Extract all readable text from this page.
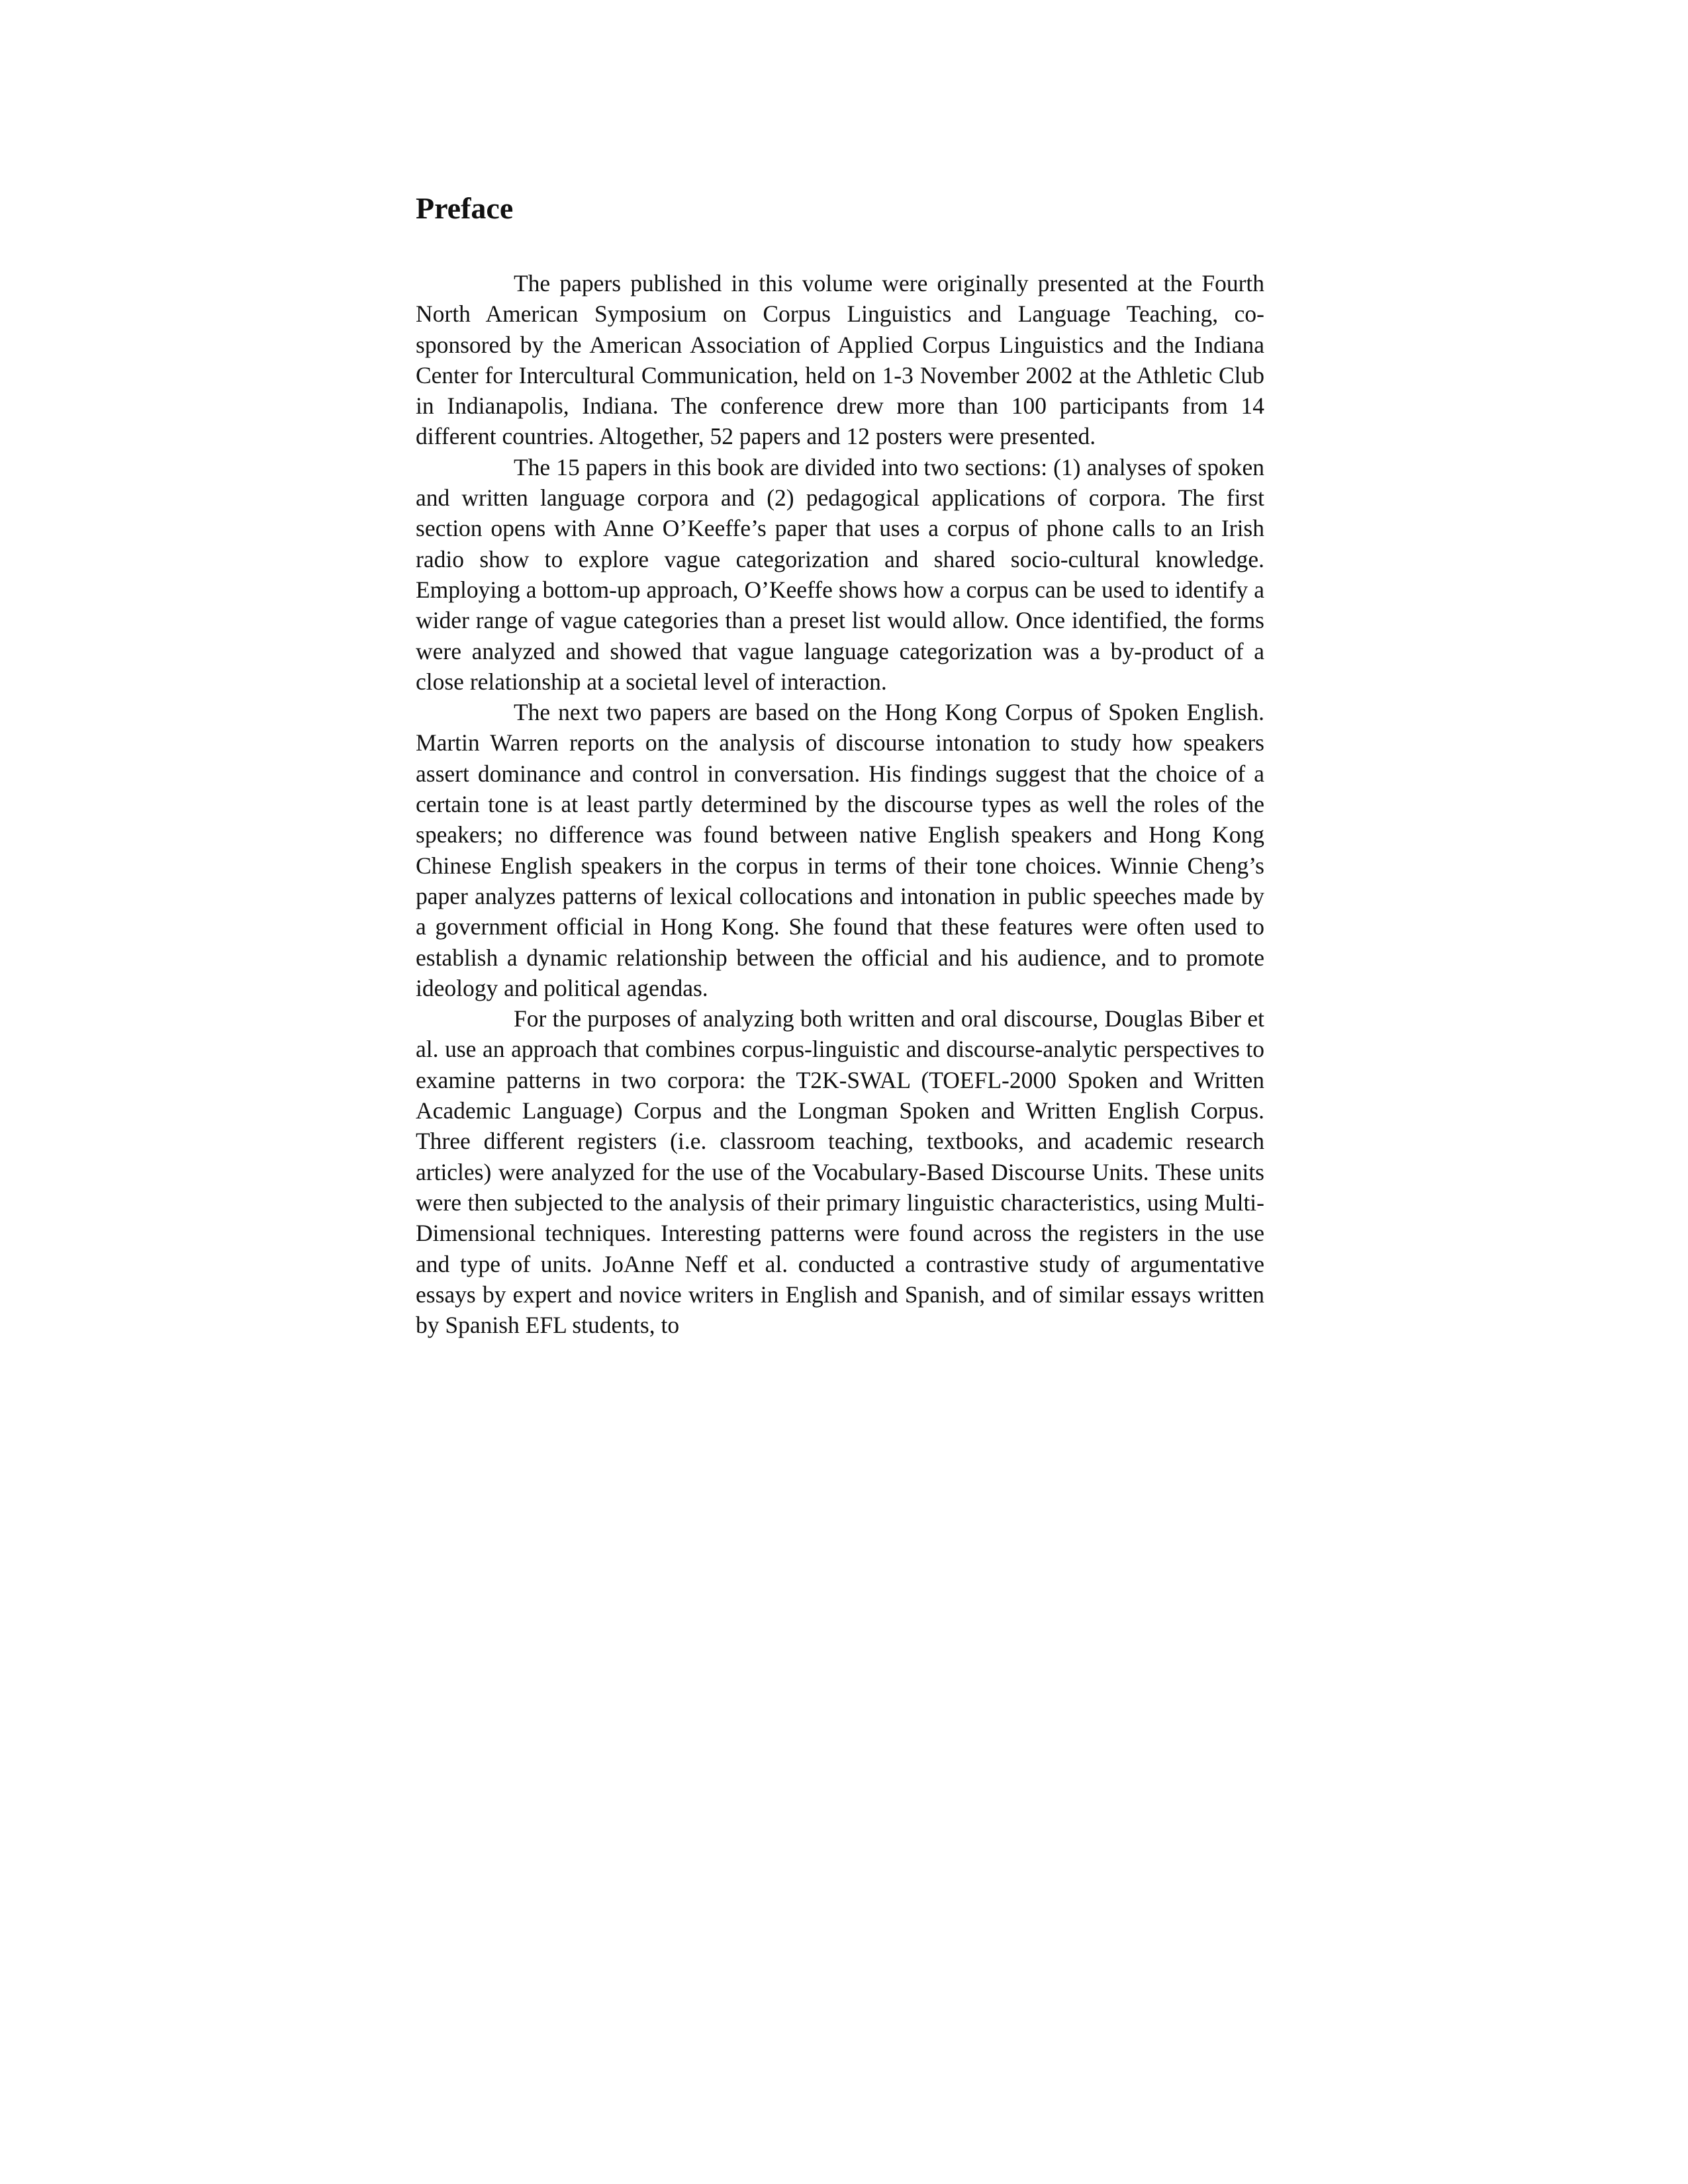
Preface

The papers published in this volume were originally presented at the Fourth North American Symposium on Corpus Linguistics and Language Teaching, co-sponsored by the American Association of Applied Corpus Linguistics and the Indiana Center for Intercultural Communication, held on 1-3 November 2002 at the Athletic Club in Indianapolis, Indiana. The conference drew more than 100 participants from 14 different countries. Altogether, 52 papers and 12 posters were presented.

The 15 papers in this book are divided into two sections: (1) analyses of spoken and written language corpora and (2) pedagogical applications of corpora. The first section opens with Anne O’Keeffe’s paper that uses a corpus of phone calls to an Irish radio show to explore vague categorization and shared socio-cultural knowledge. Employing a bottom-up approach, O’Keeffe shows how a corpus can be used to identify a wider range of vague categories than a preset list would allow. Once identified, the forms were analyzed and showed that vague language categorization was a by-product of a close relationship at a societal level of interaction.

The next two papers are based on the Hong Kong Corpus of Spoken English. Martin Warren reports on the analysis of discourse intonation to study how speakers assert dominance and control in conversation. His findings suggest that the choice of a certain tone is at least partly determined by the discourse types as well the roles of the speakers; no difference was found between native English speakers and Hong Kong Chinese English speakers in the corpus in terms of their tone choices. Winnie Cheng’s paper analyzes patterns of lexical collocations and intonation in public speeches made by a government official in Hong Kong. She found that these features were often used to establish a dynamic relationship between the official and his audience, and to promote ideology and political agendas.

For the purposes of analyzing both written and oral discourse, Douglas Biber et al. use an approach that combines corpus-linguistic and discourse-analytic perspectives to examine patterns in two corpora: the T2K-SWAL (TOEFL-2000 Spoken and Written Academic Language) Corpus and the Longman Spoken and Written English Corpus. Three different registers (i.e. classroom teaching, textbooks, and academic research articles) were analyzed for the use of the Vocabulary-Based Discourse Units. These units were then subjected to the analysis of their primary linguistic characteristics, using Multi-Dimensional techniques. Interesting patterns were found across the registers in the use and type of units. JoAnne Neff et al. conducted a contrastive study of argumentative essays by expert and novice writers in English and Spanish, and of similar essays written by Spanish EFL students, to
